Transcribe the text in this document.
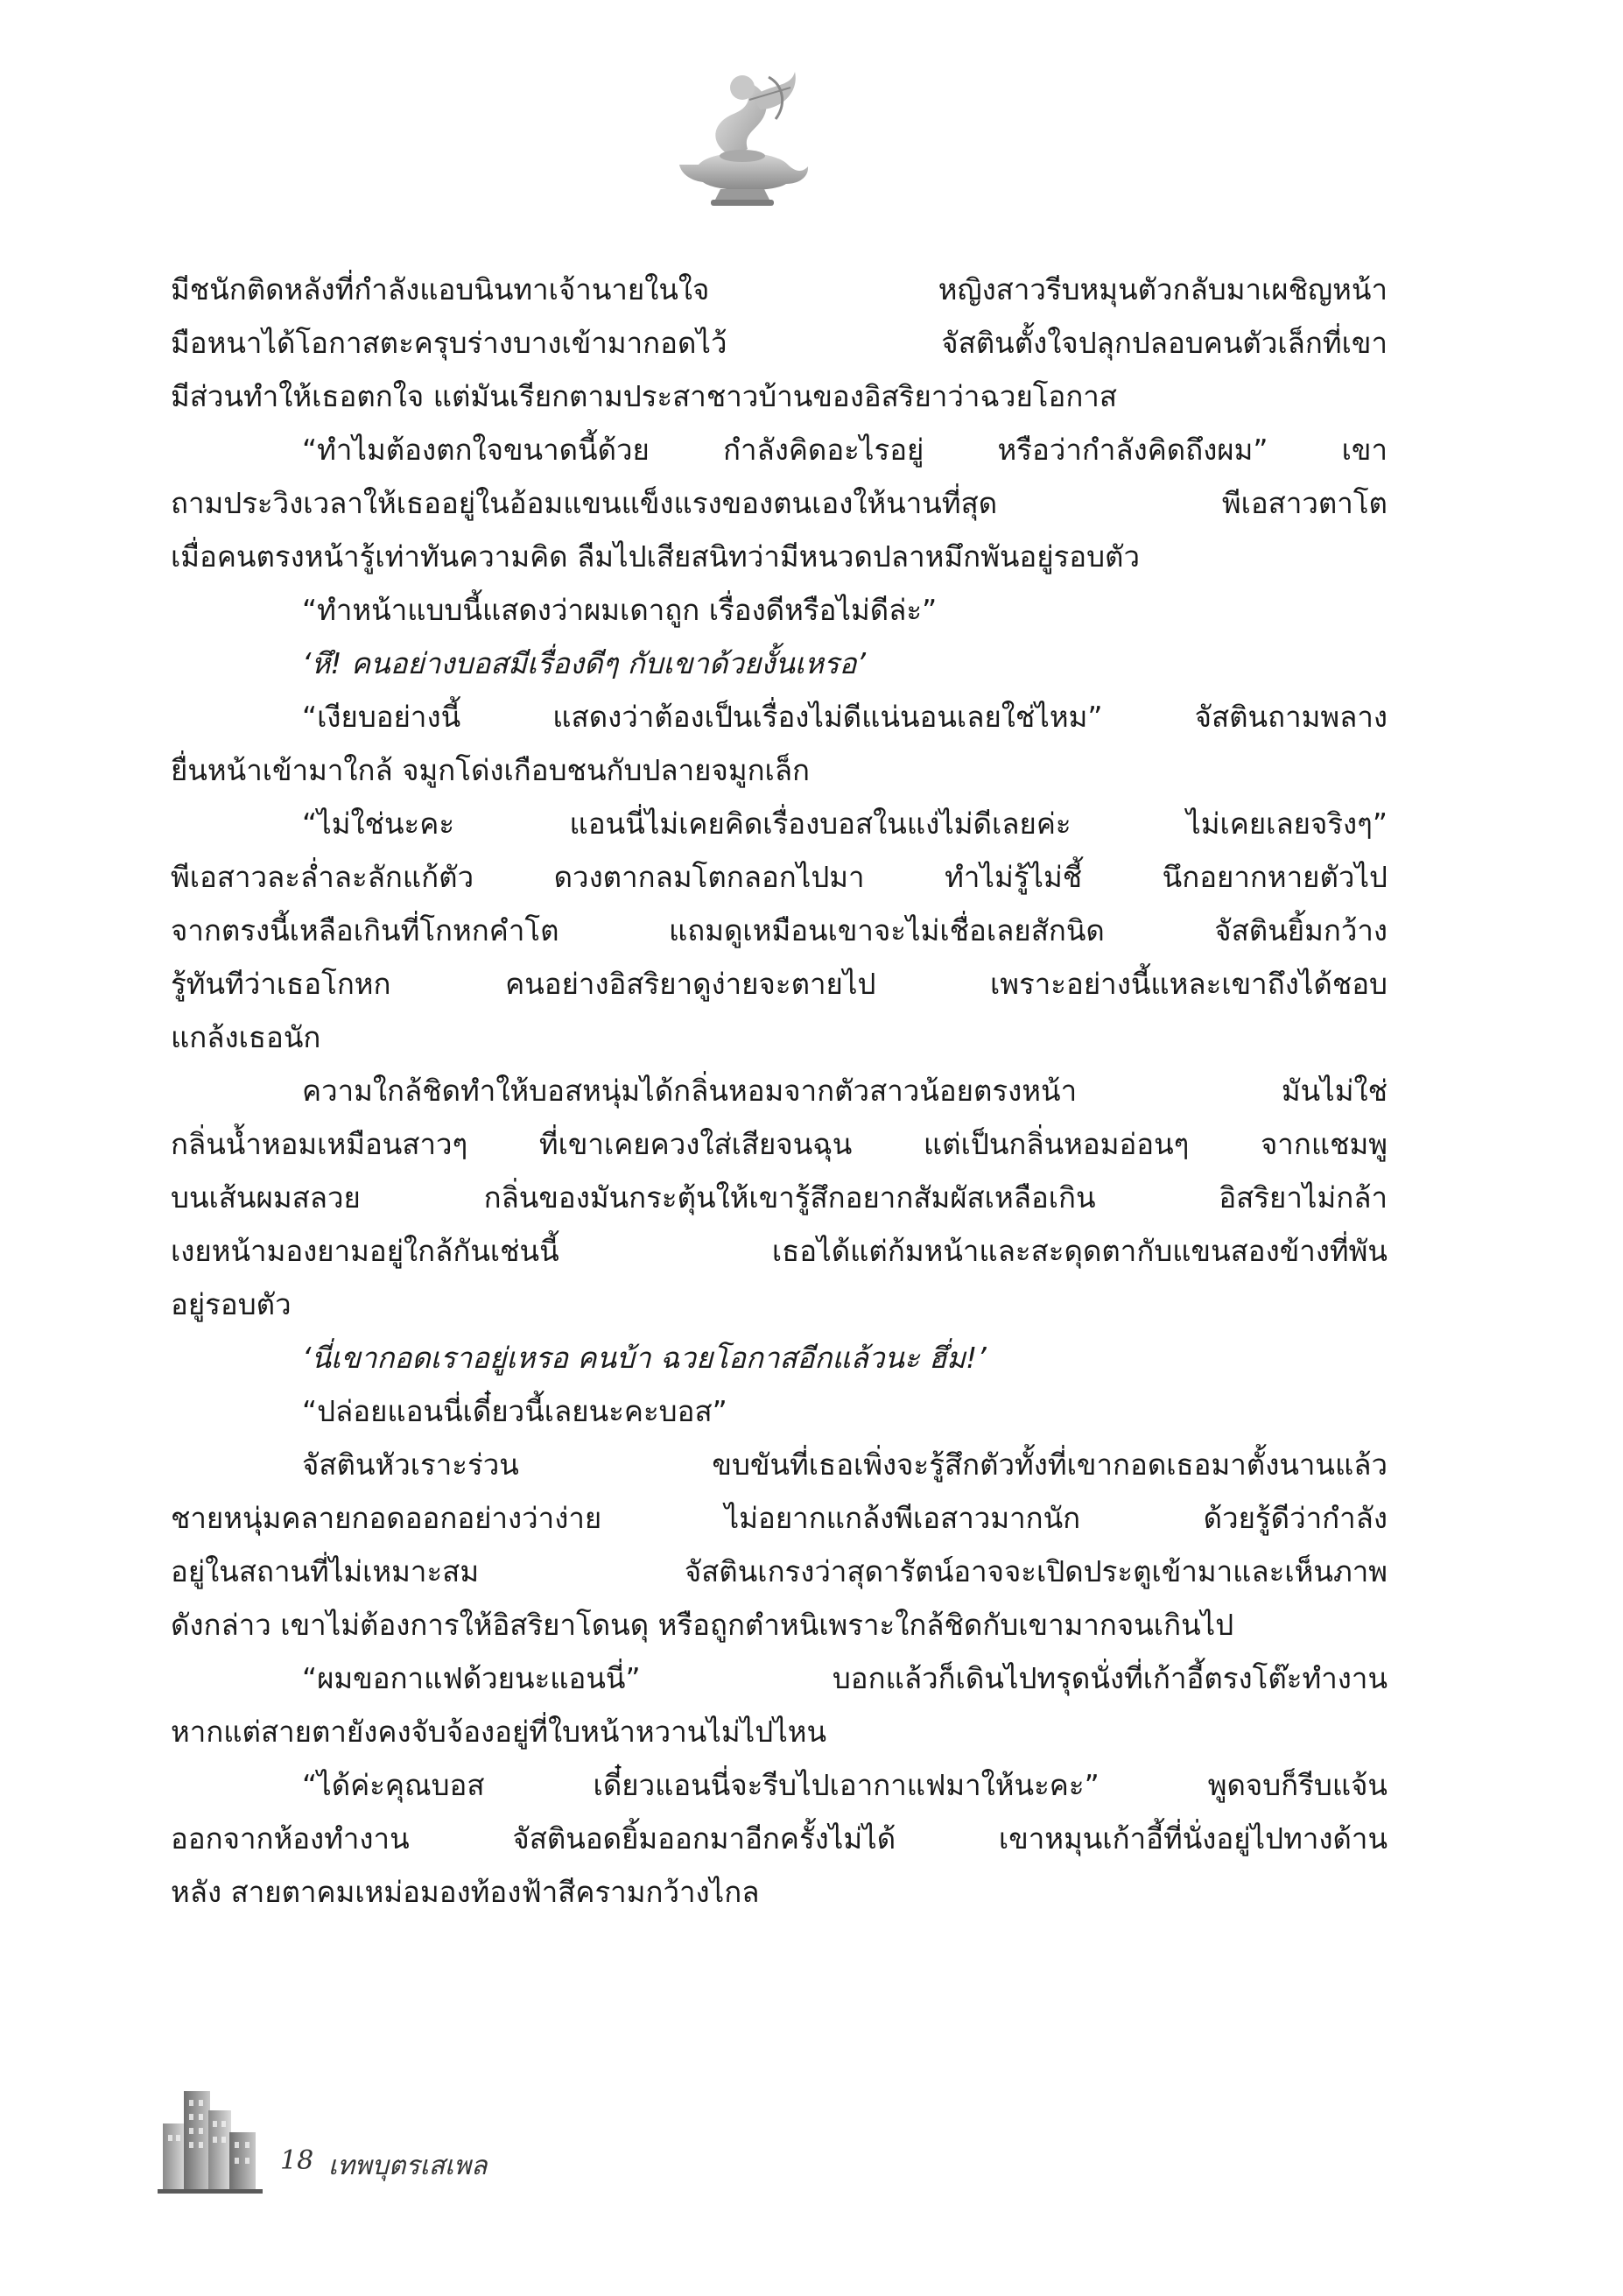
มีชนักติดหลังที่กำลังแอบนินทาเจ้านายในใจ หญิงสาวรีบหมุนตัวกลับมาเผชิญหน้า
มือหนาได้โอกาสตะครุบร่างบางเข้ามากอดไว้ จัสตินตั้งใจปลุกปลอบคนตัวเล็กที่เขา
มีส่วนทำให้เธอตกใจ แต่มันเรียกตามประสาชาวบ้านของอิสริยาว่าฉวยโอกาส
“ทำไมต้องตกใจขนาดนี้ด้วย กำลังคิดอะไรอยู่ หรือว่ากำลังคิดถึงผม” เขา
ถามประวิงเวลาให้เธออยู่ในอ้อมแขนแข็งแรงของตนเองให้นานที่สุด พีเอสาวตาโต
เมื่อคนตรงหน้ารู้เท่าทันความคิด ลืมไปเสียสนิทว่ามีหนวดปลาหมึกพันอยู่รอบตัว
“ทำหน้าแบบนี้แสดงว่าผมเดาถูก เรื่องดีหรือไม่ดีล่ะ”
‘หึ! คนอย่างบอสมีเรื่องดีๆ กับเขาด้วยงั้นเหรอ’
“เงียบอย่างนี้ แสดงว่าต้องเป็นเรื่องไม่ดีแน่นอนเลยใช่ไหม” จัสตินถามพลาง
ยื่นหน้าเข้ามาใกล้ จมูกโด่งเกือบชนกับปลายจมูกเล็ก
“ไม่ใช่นะคะ แอนนี่ไม่เคยคิดเรื่องบอสในแง่ไม่ดีเลยค่ะ ไม่เคยเลยจริงๆ”
พีเอสาวละล่ำละลักแก้ตัว ดวงตากลมโตกลอกไปมา ทำไม่รู้ไม่ชี้ นึกอยากหายตัวไป
จากตรงนี้เหลือเกินที่โกหกคำโต แถมดูเหมือนเขาจะไม่เชื่อเลยสักนิด จัสตินยิ้มกว้าง
รู้ทันทีว่าเธอโกหก คนอย่างอิสริยาดูง่ายจะตายไป เพราะอย่างนี้แหละเขาถึงได้ชอบ
แกล้งเธอนัก
ความใกล้ชิดทำให้บอสหนุ่มได้กลิ่นหอมจากตัวสาวน้อยตรงหน้า มันไม่ใช่
กลิ่นน้ำหอมเหมือนสาวๆ ที่เขาเคยควงใส่เสียจนฉุน แต่เป็นกลิ่นหอมอ่อนๆ จากแชมพู
บนเส้นผมสลวย กลิ่นของมันกระตุ้นให้เขารู้สึกอยากสัมผัสเหลือเกิน อิสริยาไม่กล้า
เงยหน้ามองยามอยู่ใกล้กันเช่นนี้ เธอได้แต่ก้มหน้าและสะดุดตากับแขนสองข้างที่พัน
อยู่รอบตัว
‘นี่เขากอดเราอยู่เหรอ คนบ้า ฉวยโอกาสอีกแล้วนะ ฮึ่ม!’
“ปล่อยแอนนี่เดี๋ยวนี้เลยนะคะบอส”
จัสตินหัวเราะร่วน ขบขันที่เธอเพิ่งจะรู้สึกตัวทั้งที่เขากอดเธอมาตั้งนานแล้ว
ชายหนุ่มคลายกอดออกอย่างว่าง่าย ไม่อยากแกล้งพีเอสาวมากนัก ด้วยรู้ดีว่ากำลัง
อยู่ในสถานที่ไม่เหมาะสม จัสตินเกรงว่าสุดารัตน์อาจจะเปิดประตูเข้ามาและเห็นภาพ
ดังกล่าว เขาไม่ต้องการให้อิสริยาโดนดุ หรือถูกตำหนิเพราะใกล้ชิดกับเขามากจนเกินไป
“ผมขอกาแฟด้วยนะแอนนี่” บอกแล้วก็เดินไปทรุดนั่งที่เก้าอี้ตรงโต๊ะทำงาน
หากแต่สายตายังคงจับจ้องอยู่ที่ใบหน้าหวานไม่ไปไหน
“ได้ค่ะคุณบอส เดี๋ยวแอนนี่จะรีบไปเอากาแฟมาให้นะคะ” พูดจบก็รีบแจ้น
ออกจากห้องทำงาน จัสตินอดยิ้มออกมาอีกครั้งไม่ได้ เขาหมุนเก้าอี้ที่นั่งอยู่ไปทางด้าน
หลัง สายตาคมเหม่อมองท้องฟ้าสีครามกว้างไกล
18 เทพบุตรเสเพล
